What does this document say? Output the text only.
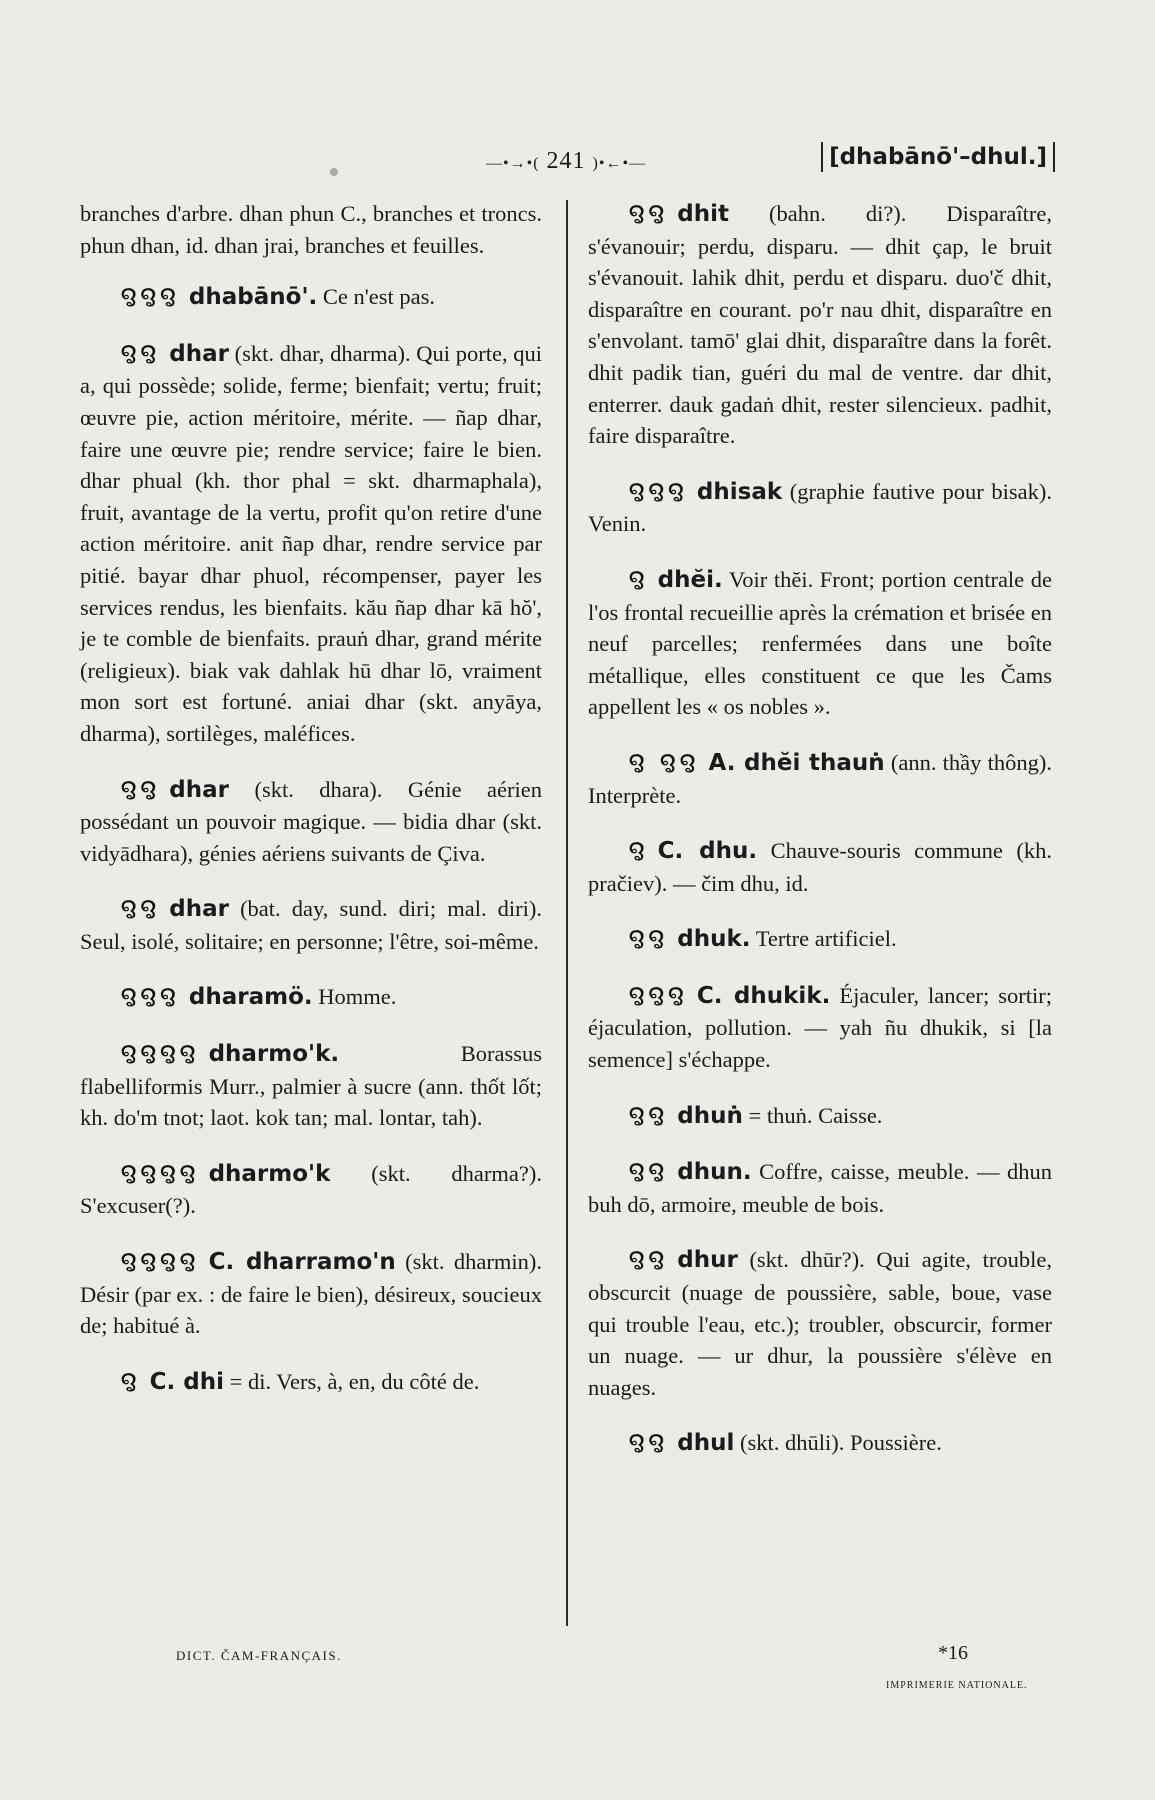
—•→•( 241 )•←•—	[dhabānō'–dhul.]

branches d'arbre. dhan phun C., branches et troncs. phun dhan, id. dhan jrai, branches et feuilles.

ꨅꨅꨅ dhabānō'. Ce n'est pas.

ꨅꨅ dhar (skt. dhar, dharma). Qui porte, qui a, qui possède; solide, ferme; bienfait; vertu; fruit; œuvre pie, action méritoire, mérite. — ñap dhar, faire une œuvre pie; rendre service; faire le bien. dhar phual (kh. thor phal = skt. dharmaphala), fruit, avantage de la vertu, profit qu'on retire d'une action méritoire. anit ñap dhar, rendre service par pitié. bayar dhar phuol, récompenser, payer les services rendus, les bienfaits. kău ñap dhar kā hŏ', je te comble de bienfaits. prauṅ dhar, grand mérite (religieux). biak vak dahlak hū dhar lō, vraiment mon sort est fortuné. aniai dhar (skt. anyāya, dharma), sortilèges, maléfices.

ꨅꨅ dhar (skt. dhara). Génie aérien possédant un pouvoir magique. — bidia dhar (skt. vidyādhara), génies aériens suivants de Çiva.

ꨅꨅ dhar (bat. day, sund. diri; mal. diri). Seul, isolé, solitaire; en personne; l'être, soi-même.

ꨅꨅꨅ dharamö. Homme.

ꨅꨅꨅꨅ dharmo'k.	Borassus flabelliformis Murr., palmier à sucre (ann. thốt lốt; kh. do'm tnot; laot. kok tan; mal. lontar, tah).

ꨅꨅꨅꨅ dharmo'k (skt. dharma?). S'excuser(?).

ꨅꨅꨅꨅ C. dharramo'n (skt. dharmin). Désir (par ex. : de faire le bien), désireux, soucieux de; habitué à.

ꨅ C. dhi = di. Vers, à, en, du côté de.

ꨅꨅ dhit (bahn. di?). Disparaître, s'évanouir; perdu, disparu. — dhit çap, le bruit s'évanouit. lahik dhit, perdu et disparu. duo'č dhit, disparaître en courant. po'r nau dhit, disparaître en s'envolant. tamō' glai dhit, disparaître dans la forêt. dhit padik tian, guéri du mal de ventre. dar dhit, enterrer. dauk gadaṅ dhit, rester silencieux. padhit, faire disparaître.

ꨅꨅꨅ dhisak (graphie fautive pour bisak). Venin.

ꨅ dhĕi. Voir thĕi. Front; portion centrale de l'os frontal recueillie après la crémation et brisée en neuf parcelles; renfermées dans une boîte métallique, elles constituent ce que les Čams appellent les « os nobles ».

ꨅ ꨅꨅ A. dhĕi thauṅ (ann. thầy thông). Interprète.

ꨅ C. dhu. Chauve-souris commune (kh. pračiev). — čim dhu, id.

ꨅꨅ dhuk. Tertre artificiel.

ꨅꨅꨅ C. dhukik. Éjaculer, lancer; sortir; éjaculation, pollution. — yah ñu dhukik, si [la semence] s'échappe.

ꨅꨅ dhuṅ = thuṅ. Caisse.

ꨅꨅ dhun. Coffre, caisse, meuble. — dhun buh dō, armoire, meuble de bois.

ꨅꨅ dhur (skt. dhūr?). Qui agite, trouble, obscurcit (nuage de poussière, sable, boue, vase qui trouble l'eau, etc.); troubler, obscurcir, former un nuage. — ur dhur, la poussière s'élève en nuages.

ꨅꨅ dhul (skt. dhūli). Poussière.

DICT. ČAM-FRANÇAIS.	*16
IMPRIMERIE NATIONALE.
